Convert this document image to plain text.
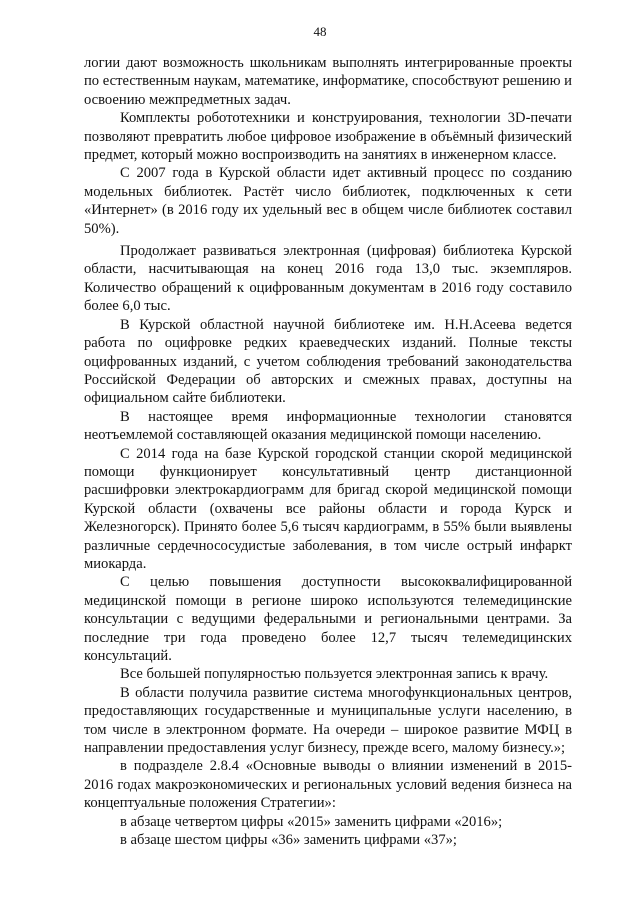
48

логии дают возможность школьникам выполнять интегрированные проекты по естественным наукам, математике, информатике, способствуют решению и освоению межпредметных задач.

Комплекты робототехники и конструирования, технологии 3D-печати позволяют превратить любое цифровое изображение в объёмный физический предмет, который можно воспроизводить на занятиях в инженерном классе.

С 2007 года в Курской области идет активный процесс по созданию модельных библиотек. Растёт число библиотек, подключенных к сети «Интернет» (в 2016 году их удельный вес в общем числе библиотек составил 50%).

Продолжает развиваться электронная (цифровая) библиотека Курской области, насчитывающая на конец 2016 года 13,0 тыс. экземпляров. Количество обращений к оцифрованным документам в 2016 году составило более 6,0 тыс.

В Курской областной научной библиотеке им. Н.Н.Асеева ведется работа по оцифровке редких краеведческих изданий. Полные тексты оцифрованных изданий, с учетом соблюдения требований законодательства Российской Федерации об авторских и смежных правах, доступны на официальном сайте библиотеки.

В настоящее время информационные технологии становятся неотъемлемой составляющей оказания медицинской помощи населению.

С 2014 года на базе Курской городской станции скорой медицинской помощи функционирует консультативный центр дистанционной расшифровки электрокардиограмм для бригад скорой медицинской помощи Курской области (охвачены все районы области и города Курск и Железногорск). Принято более 5,6 тысяч кардиограмм, в 55% были выявлены различные сердечнососудистые заболевания, в том числе острый инфаркт миокарда.

С целью повышения доступности высококвалифицированной медицинской помощи в регионе широко используются телемедицинские консультации с ведущими федеральными и региональными центрами. За последние три года проведено более 12,7 тысяч телемедицинских консультаций.

Все большей популярностью пользуется электронная запись к врачу.

В области получила развитие система многофункциональных центров, предоставляющих государственные и муниципальные услуги населению, в том числе в электронном формате. На очереди – широкое развитие МФЦ в направлении предоставления услуг бизнесу, прежде всего, малому бизнесу.»;

в подразделе 2.8.4 «Основные выводы о влиянии изменений в 2015-2016 годах макроэкономических и региональных условий ведения бизнеса на концептуальные положения Стратегии»:

в абзаце четвертом цифры «2015» заменить цифрами «2016»;

в абзаце шестом цифры «36» заменить цифрами «37»;
